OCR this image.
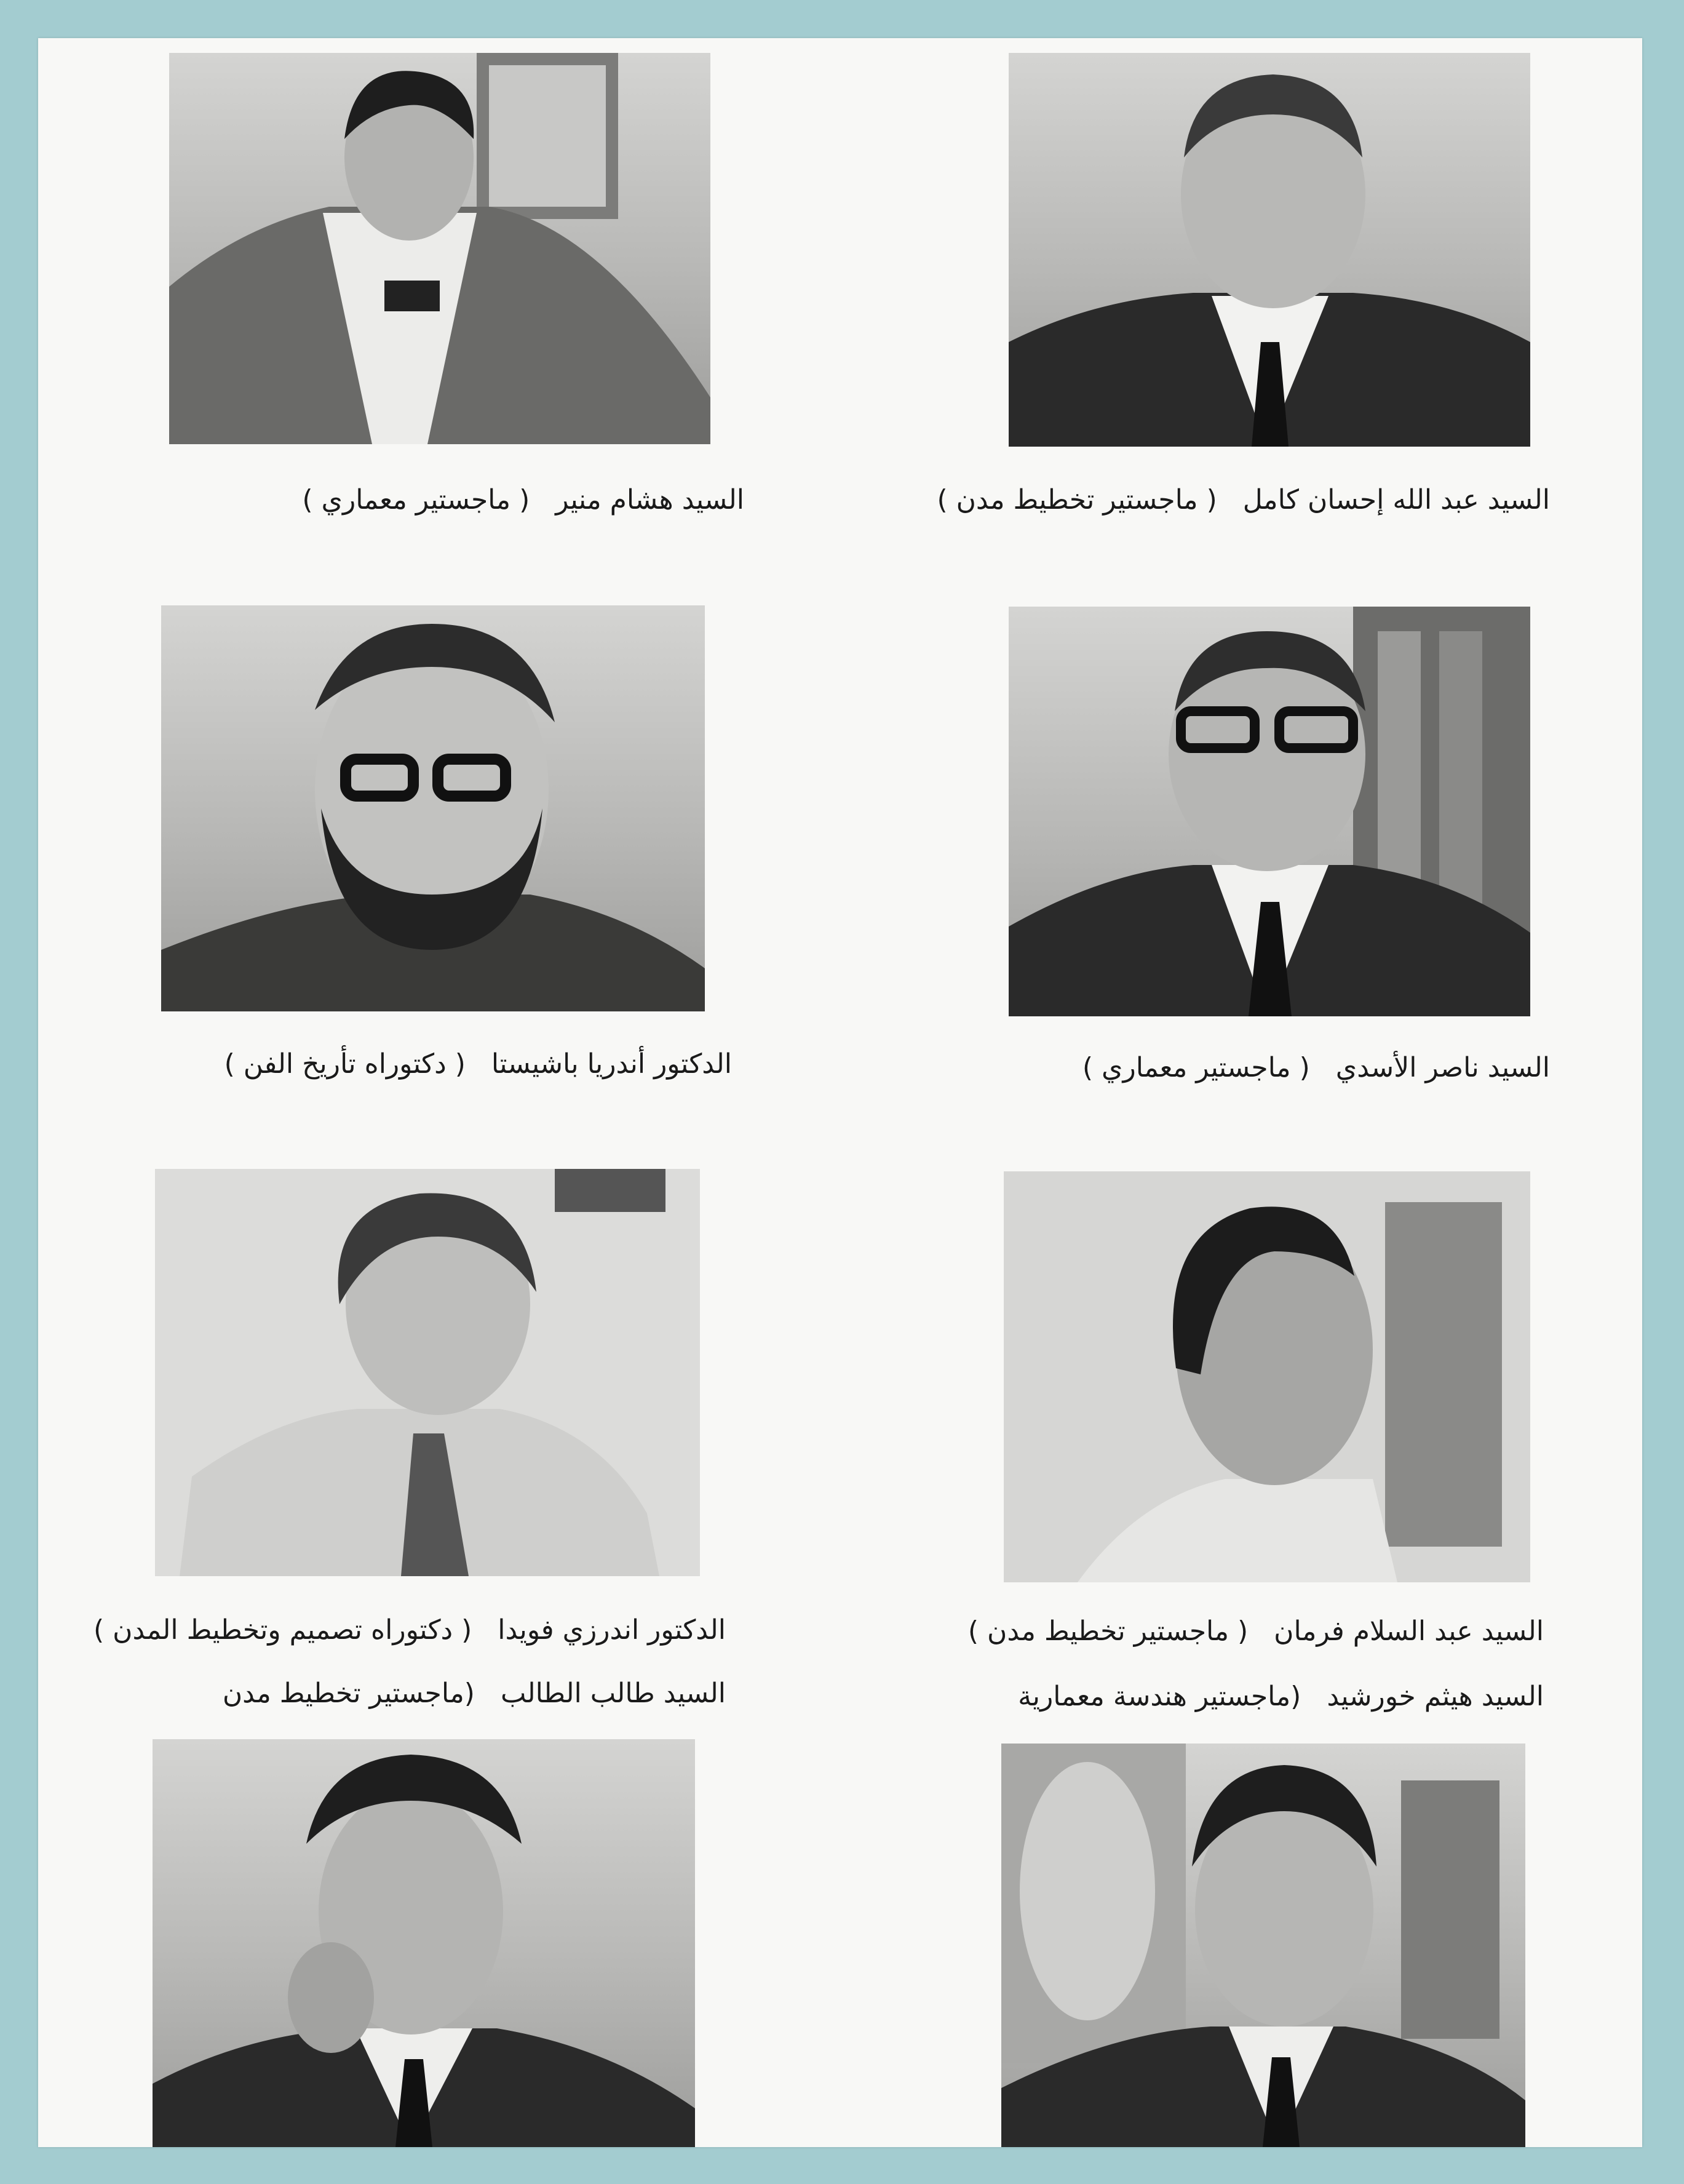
السيد هشام منير ( ماجستير معماري )	السيد عبد الله إحسان كامل ( ماجستير تخطيط مدن )
الدكتور أندريا باشيستا ( دكتوراه تأريخ الفن )	السيد ناصر الأسدي ( ماجستير معماري )
الدكتور اندرزي فويدا ( دكتوراه تصميم وتخطيط المدن )	السيد عبد السلام فرمان ( ماجستير تخطيط مدن )
السيد طالب الطالب (ماجستير تخطيط مدن	السيد هيثم خورشيد (ماجستير هندسة معمارية
